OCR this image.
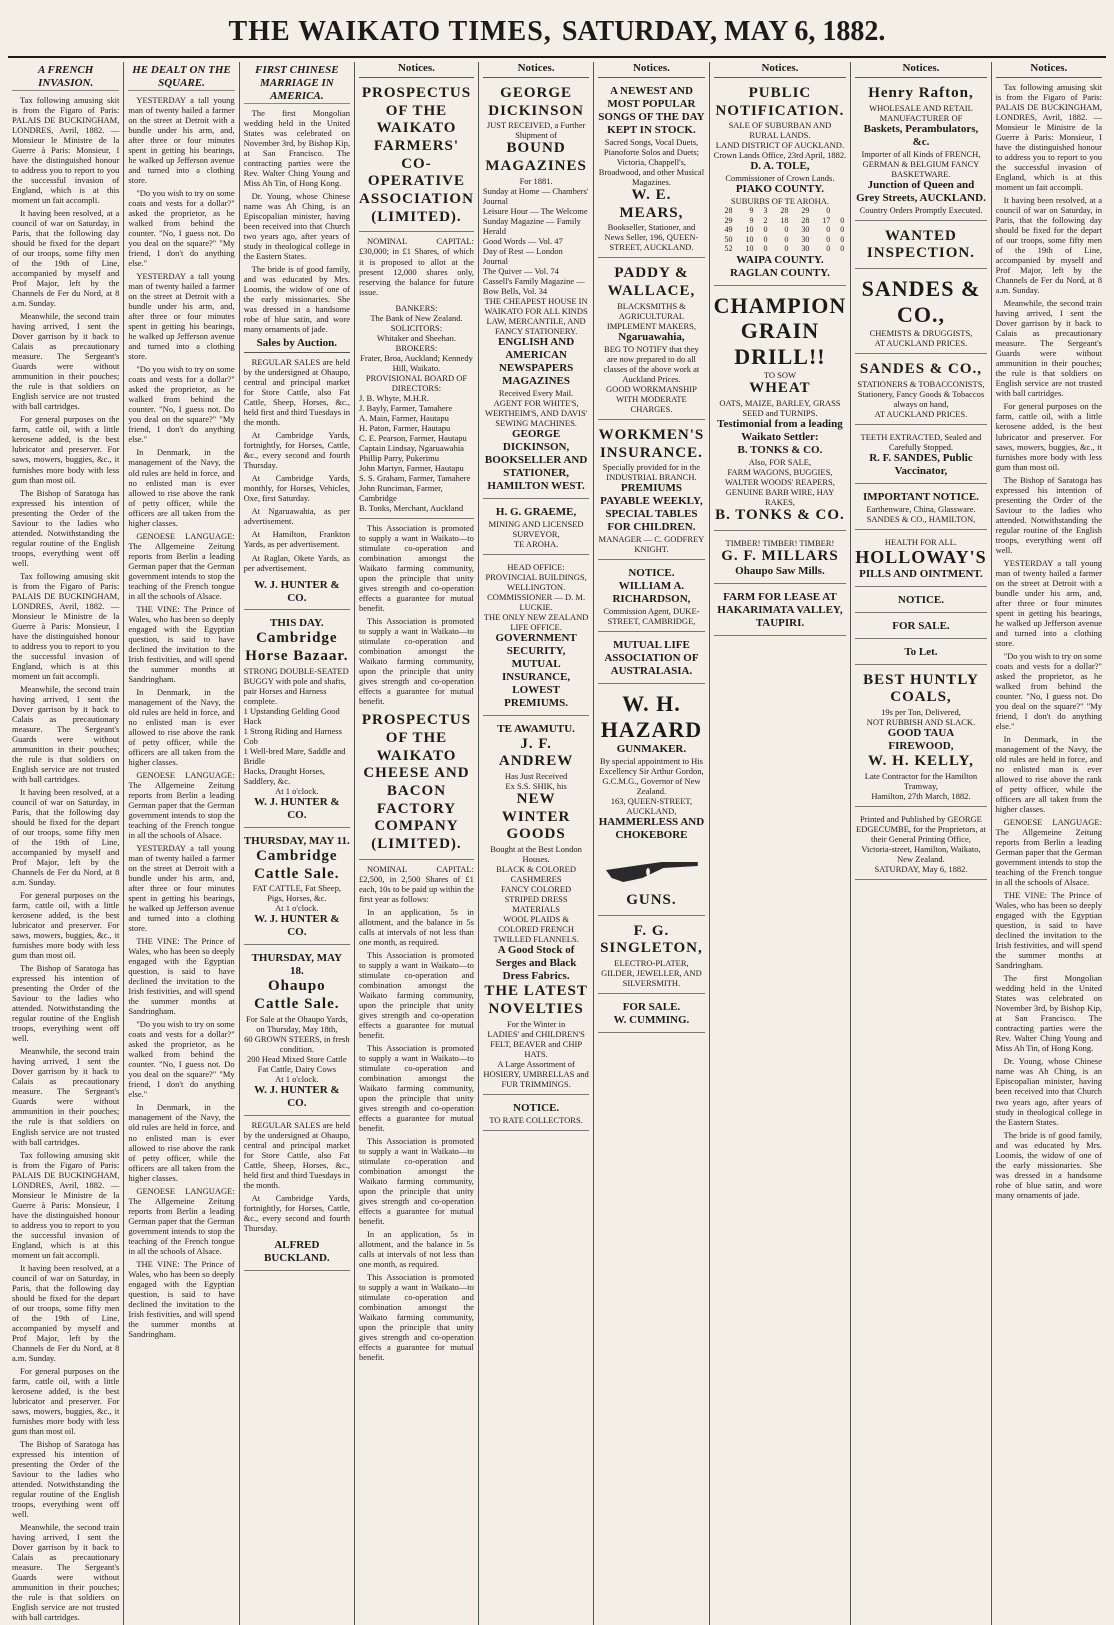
THE WAIKATO TIMES, SATURDAY, MAY 6, 1882.
A FRENCH INVASION.

Tax following amusing skit is from the Figaro of Paris: PALAIS DE BUCKINGHAM, LONDRES, Avril, 1882. —Monsieur le Ministre de la Guerre à Paris: Monsieur, I have the distinguished honour to address you to report to you the successful invasion of England, which is at this moment un fait accompli.

It having been resolved, at a council of war on Saturday, in Paris, that the following day should be fixed for the depart of our troops, some fifty men of the 19th of Line, accompanied by myself and Prof Major, left by the Channels de Fer du Nord, at 8 a.m. Sunday.

Meanwhile, the second train having arrived, I sent the Dover garrison by it back to Calais as precautionary measure. The Sergeant's Guards were without ammunition in their pouches; the rule is that soldiers on English service are not trusted with ball cartridges.

For general purposes on the farm, cattle oil, with a little kerosene added, is the best lubricator and preserver. For saws, mowers, buggies, &c., it furnishes more body with less gum than most oil.

The Bishop of Saratoga has expressed his intention of presenting the Order of the Saviour to the ladies who attended. Notwithstanding the regular routine of the English troops, everything went off well.

Tax following amusing skit is from the Figaro of Paris: PALAIS DE BUCKINGHAM, LONDRES, Avril, 1882. —Monsieur le Ministre de la Guerre à Paris: Monsieur, I have the distinguished honour to address you to report to you the successful invasion of England, which is at this moment un fait accompli.

Meanwhile, the second train having arrived, I sent the Dover garrison by it back to Calais as precautionary measure. The Sergeant's Guards were without ammunition in their pouches; the rule is that soldiers on English service are not trusted with ball cartridges.

It having been resolved, at a council of war on Saturday, in Paris, that the following day should be fixed for the depart of our troops, some fifty men of the 19th of Line, accompanied by myself and Prof Major, left by the Channels de Fer du Nord, at 8 a.m. Sunday.

For general purposes on the farm, cattle oil, with a little kerosene added, is the best lubricator and preserver. For saws, mowers, buggies, &c., it furnishes more body with less gum than most oil.

The Bishop of Saratoga has expressed his intention of presenting the Order of the Saviour to the ladies who attended. Notwithstanding the regular routine of the English troops, everything went off well.

Meanwhile, the second train having arrived, I sent the Dover garrison by it back to Calais as precautionary measure. The Sergeant's Guards were without ammunition in their pouches; the rule is that soldiers on English service are not trusted with ball cartridges.

Tax following amusing skit is from the Figaro of Paris: PALAIS DE BUCKINGHAM, LONDRES, Avril, 1882. —Monsieur le Ministre de la Guerre à Paris: Monsieur, I have the distinguished honour to address you to report to you the successful invasion of England, which is at this moment un fait accompli.

It having been resolved, at a council of war on Saturday, in Paris, that the following day should be fixed for the depart of our troops, some fifty men of the 19th of Line, accompanied by myself and Prof Major, left by the Channels de Fer du Nord, at 8 a.m. Sunday.

For general purposes on the farm, cattle oil, with a little kerosene added, is the best lubricator and preserver. For saws, mowers, buggies, &c., it furnishes more body with less gum than most oil.

The Bishop of Saratoga has expressed his intention of presenting the Order of the Saviour to the ladies who attended. Notwithstanding the regular routine of the English troops, everything went off well.

Meanwhile, the second train having arrived, I sent the Dover garrison by it back to Calais as precautionary measure. The Sergeant's Guards were without ammunition in their pouches; the rule is that soldiers on English service are not trusted with ball cartridges.

HE DEALT ON THE SQUARE.

YESTERDAY a tall young man of twenty hailed a farmer on the street at Detroit with a bundle under his arm, and, after three or four minutes spent in getting his bearings, he walked up Jefferson avenue and turned into a clothing store.

"Do you wish to try on some coats and vests for a dollar?" asked the proprietor, as he walked from behind the counter. "No, I guess not. Do you deal on the square?" "My friend, I don't do anything else."

YESTERDAY a tall young man of twenty hailed a farmer on the street at Detroit with a bundle under his arm, and, after three or four minutes spent in getting his bearings, he walked up Jefferson avenue and turned into a clothing store.

"Do you wish to try on some coats and vests for a dollar?" asked the proprietor, as he walked from behind the counter. "No, I guess not. Do you deal on the square?" "My friend, I don't do anything else."

In Denmark, in the management of the Navy, the old rules are held in force, and no enlisted man is ever allowed to rise above the rank of petty officer, while the officers are all taken from the higher classes.

GENOESE LANGUAGE: The Allgemeine Zeitung reports from Berlin a leading German paper that the German government intends to stop the teaching of the French tongue in all the schools of Alsace.

THE VINE: The Prince of Wales, who has been so deeply engaged with the Egyptian question, is said to have declined the invitation to the Irish festivities, and will spend the summer months at Sandringham.

In Denmark, in the management of the Navy, the old rules are held in force, and no enlisted man is ever allowed to rise above the rank of petty officer, while the officers are all taken from the higher classes.

GENOESE LANGUAGE: The Allgemeine Zeitung reports from Berlin a leading German paper that the German government intends to stop the teaching of the French tongue in all the schools of Alsace.

YESTERDAY a tall young man of twenty hailed a farmer on the street at Detroit with a bundle under his arm, and, after three or four minutes spent in getting his bearings, he walked up Jefferson avenue and turned into a clothing store.

THE VINE: The Prince of Wales, who has been so deeply engaged with the Egyptian question, is said to have declined the invitation to the Irish festivities, and will spend the summer months at Sandringham.

"Do you wish to try on some coats and vests for a dollar?" asked the proprietor, as he walked from behind the counter. "No, I guess not. Do you deal on the square?" "My friend, I don't do anything else."

In Denmark, in the management of the Navy, the old rules are held in force, and no enlisted man is ever allowed to rise above the rank of petty officer, while the officers are all taken from the higher classes.

GENOESE LANGUAGE: The Allgemeine Zeitung reports from Berlin a leading German paper that the German government intends to stop the teaching of the French tongue in all the schools of Alsace.

THE VINE: The Prince of Wales, who has been so deeply engaged with the Egyptian question, is said to have declined the invitation to the Irish festivities, and will spend the summer months at Sandringham.

FIRST CHINESE MARRIAGE IN AMERICA.

The first Mongolian wedding held in the United States was celebrated on November 3rd, by Bishop Kip, at San Francisco. The contracting parties were the Rev. Walter Ching Young and Miss Ah Tin, of Hong Kong.

Dr. Young, whose Chinese name was Ah Ching, is an Episcopalian minister, having been received into that Church two years ago, after years of study in theological college in the Eastern States.

The bride is of good family, and was educated by Mrs. Loomis, the widow of one of the early missionaries. She was dressed in a handsome robe of blue satin, and wore many ornaments of jade.

Sales by Auction.

REGULAR SALES are held by the undersigned at Ohaupo, central and principal market for Store Cattle, also Fat Cattle, Sheep, Horses, &c., held first and third Tuesdays in the month.

At Cambridge Yards, fortnightly, for Horses, Cattle, &c., every second and fourth Thursday.

At Cambridge Yards, monthly, for Horses, Vehicles, Oxe, first Saturday.

At Ngaruawahia, as per advertisement.

At Hamilton, Frankton Yards, as per advertisement.

At Raglan, Okete Yards, as per advertisement.

W. J. HUNTER & CO.
THIS DAY.
Cambridge Horse Bazaar.
STRONG DOUBLE-SEATED BUGGY with pole and shafts, pair Horses and Harness complete.
1 Upstanding Gelding Good Hack
1 Strong Riding and Harness Cob
1 Well-bred Mare, Saddle and Bridle
Hacks, Draught Horses, Saddlery, &c.
At 1 o'clock.
W. J. HUNTER & CO.
THURSDAY, MAY 11.
Cambridge Cattle Sale.
FAT CATTLE, Fat Sheep, Pigs, Horses, &c.
At 1 o'clock.
W. J. HUNTER & CO.
THURSDAY, MAY 18.
Ohaupo Cattle Sale.
For Sale at the Ohaupo Yards, on Thursday, May 18th,
60 GROWN STEERS, in fresh condition.
200 Head Mixed Store Cattle
Fat Cattle, Dairy Cows
At 1 o'clock.
W. J. HUNTER & CO.

REGULAR SALES are held by the undersigned at Ohaupo, central and principal market for Store Cattle, also Fat Cattle, Sheep, Horses, &c., held first and third Tuesdays in the month.

At Cambridge Yards, fortnightly, for Horses, Cattle, &c., every second and fourth Thursday.

ALFRED BUCKLAND.
Notices.
PROSPECTUS OF THE WAIKATO FARMERS' CO-OPERATIVE ASSOCIATION (LIMITED).

NOMINAL CAPITAL: £30,000; in £1 Shares, of which it is proposed to allot at the present 12,000 shares only, reserving the balance for future issue.

BANKERS:
The Bank of New Zealand.
SOLICITORS:
Whitaker and Sheehan.
BROKERS:
Frater, Broa, Auckland; Kennedy Hill, Waikato.
PROVISIONAL BOARD OF DIRECTORS:
J. B. Whyte, M.H.R.
J. Bayly, Farmer, Tamahere
A. Main, Farmer, Hautapu
H. Paton, Farmer, Hautapu
C. E. Pearson, Farmer, Hautapu
Captain Lindsay, Ngaruawahia
Phillip Parry, Pukerimu
John Martyn, Farmer, Hautapu
S. S. Graham, Farmer, Tamahere
John Runciman, Farmer, Cambridge
B. Tonks, Merchant, Auckland

This Association is promoted to supply a want in Waikato—to stimulate co-operation and combination amongst the Waikato farming community, upon the principle that unity gives strength and co-operation effects a guarantee for mutual benefit.

This Association is promoted to supply a want in Waikato—to stimulate co-operation and combination amongst the Waikato farming community, upon the principle that unity gives strength and co-operation effects a guarantee for mutual benefit.

PROSPECTUS OF THE WAIKATO CHEESE AND BACON FACTORY COMPANY (LIMITED).

NOMINAL CAPITAL: £2,500, in 2,500 Shares of £1 each, 10s to be paid up within the first year as follows:

In an application, 5s in allotment, and the balance in 5s calls at intervals of not less than one month, as required.

This Association is promoted to supply a want in Waikato—to stimulate co-operation and combination amongst the Waikato farming community, upon the principle that unity gives strength and co-operation effects a guarantee for mutual benefit.

This Association is promoted to supply a want in Waikato—to stimulate co-operation and combination amongst the Waikato farming community, upon the principle that unity gives strength and co-operation effects a guarantee for mutual benefit.

This Association is promoted to supply a want in Waikato—to stimulate co-operation and combination amongst the Waikato farming community, upon the principle that unity gives strength and co-operation effects a guarantee for mutual benefit.

In an application, 5s in allotment, and the balance in 5s calls at intervals of not less than one month, as required.

This Association is promoted to supply a want in Waikato—to stimulate co-operation and combination amongst the Waikato farming community, upon the principle that unity gives strength and co-operation effects a guarantee for mutual benefit.

Notices.
GEORGE DICKINSON
JUST RECEIVED, a Further Shipment of
BOUND MAGAZINES
For 1881.
Sunday at Home — Chambers' Journal
Leisure Hour — The Welcome
Sunday Magazine — Family Herald
Good Words — Vol. 47
Day of Rest — London Journal
The Quiver — Vol. 74
Cassell's Family Magazine — Bow Bells, Vol. 34
THE CHEAPEST HOUSE IN WAIKATO FOR ALL KINDS LAW, MERCANTILE, AND FANCY STATIONERY.
ENGLISH AND AMERICAN NEWSPAPERS MAGAZINES
Received Every Mail.
AGENT FOR WHITE'S, WERTHEIM'S, AND DAVIS' SEWING MACHINES.
GEORGE DICKINSON, BOOKSELLER AND STATIONER, HAMILTON WEST.
H. G. GRAEME,
MINING AND LICENSED SURVEYOR,
TE AROHA.
HEAD OFFICE: PROVINCIAL BUILDINGS, WELLINGTON.
COMMISSIONER — D. M. LUCKIE.
THE ONLY NEW ZEALAND LIFE OFFICE.
GOVERNMENT SECURITY, MUTUAL INSURANCE, LOWEST PREMIUMS.
TE AWAMUTU.
J. F. ANDREW
Has Just Received
Ex S.S. SHIK, his
NEW WINTER GOODS
Bought at the Best London Houses.
BLACK & COLORED CASHMERES
FANCY COLORED STRIPED DRESS MATERIALS
WOOL PLAIDS & COLORED FRENCH TWILLED FLANNELS.
A Good Stock of Serges and Black Dress Fabrics.
THE LATEST NOVELTIES
For the Winter in
LADIES' and CHILDREN'S FELT, BEAVER and CHIP HATS.
A Large Assortment of HOSIERY, UMBRELLAS and FUR TRIMMINGS.
NOTICE.
TO RATE COLLECTORS.
Notices.
A NEWEST AND MOST POPULAR SONGS OF THE DAY KEPT IN STOCK.
Sacred Songs, Vocal Duets, Pianoforte Solos and Duets; Victoria, Chappell's, Broadwood, and other Musical Magazines.
W. E. MEARS,
Bookseller, Stationer, and News Seller, 196, QUEEN-STREET, AUCKLAND.
PADDY & WALLACE,
BLACKSMITHS & AGRICULTURAL IMPLEMENT MAKERS,
Ngaruawahia,
BEG TO NOTIFY that they are now prepared to do all classes of the above work at Auckland Prices.
GOOD WORKMANSHIP WITH MODERATE CHARGES.
WORKMEN'S INSURANCE.
Specially provided for in the INDUSTRIAL BRANCH.
PREMIUMS PAYABLE WEEKLY,
SPECIAL TABLES FOR CHILDREN.
MANAGER — C. GODFREY KNIGHT.
NOTICE.
WILLIAM A. RICHARDSON,
Commission Agent, DUKE-STREET, CAMBRIDGE,
MUTUAL LIFE ASSOCIATION OF AUSTRALASIA.
W. H. HAZARD
GUNMAKER.
By special appointment to His Excellency Sir Arthur Gordon, G.C.M.G., Governor of New Zealand.
163, QUEEN-STREET, AUCKLAND,
HAMMERLESS AND CHOKEBORE
GUNS.
F. G. SINGLETON,
ELECTRO-PLATER, GILDER, JEWELLER, AND SILVERSMITH.
FOR SALE.
W. CUMMING.
Notices.
PUBLIC NOTIFICATION.
SALE OF SUBURBAN AND RURAL LANDS.
LAND DISTRICT OF AUCKLAND.
Crown Lands Office, 23rd April, 1882.
D. A. TOLE,
Commissioner of Crown Lands.
PIAKO COUNTY.
SUBURBS OF TE AROHA.
28	9	3	28	29	0	
29	9	2	18	28	17	0
49	10	0	0	30	0	0
50	10	0	0	30	0	0
52	10	0	0	30	0	0
WAIPA COUNTY.
RAGLAN COUNTY.
CHAMPION
GRAIN
DRILL!!
TO SOW
WHEAT
OATS, MAIZE, BARLEY, GRASS SEED and TURNIPS.
Testimonial from a leading Waikato Settler:
B. TONKS & CO.
Also, FOR SALE,
FARM WAGONS, BUGGIES, WALTER WOODS' REAPERS,
GENUINE BARB WIRE, HAY RAKES,
B. TONKS & CO.
TIMBER! TIMBER! TIMBER!
G. F. MILLARS
Ohaupo Saw Mills.
FARM FOR LEASE AT HAKARIMATA VALLEY, TAUPIRI.
Notices.
Henry Rafton,
WHOLESALE AND RETAIL MANUFACTURER OF
Baskets, Perambulators, &c.
Importer of all Kinds of FRENCH, GERMAN & BELGIUM FANCY BASKETWARE.
Junction of Queen and Grey Streets, AUCKLAND.
Country Orders Promptly Executed.
WANTED INSPECTION.
SANDES & CO.,
CHEMISTS & DRUGGISTS,
AT AUCKLAND PRICES.
SANDES & CO.,
STATIONERS & TOBACCONISTS,
Stationery, Fancy Goods & Tobaccos always on hand,
AT AUCKLAND PRICES.
TEETH EXTRACTED, Sealed and Carefully Stopped.
R. F. SANDES, Public Vaccinator,
IMPORTANT NOTICE.
Earthenware, China, Glassware.
SANDES & CO., HAMILTON,
HEALTH FOR ALL.
HOLLOWAY'S
PILLS AND OINTMENT.
NOTICE.
FOR SALE.
To Let.
BEST HUNTLY COALS,
19s per Ton, Delivered,
NOT RUBBISH AND SLACK.
GOOD TAUA FIREWOOD,
W. H. KELLY,
Late Contractor for the Hamilton Tramway,
Hamilton, 27th March, 1882.
Printed and Published by GEORGE EDGECUMBE, for the Proprietors, at their General Printing Office, Victoria-street, Hamilton, Waikato, New Zealand.
SATURDAY, May 6, 1882.
Notices.

Tax following amusing skit is from the Figaro of Paris: PALAIS DE BUCKINGHAM, LONDRES, Avril, 1882. —Monsieur le Ministre de la Guerre à Paris: Monsieur, I have the distinguished honour to address you to report to you the successful invasion of England, which is at this moment un fait accompli.

It having been resolved, at a council of war on Saturday, in Paris, that the following day should be fixed for the depart of our troops, some fifty men of the 19th of Line, accompanied by myself and Prof Major, left by the Channels de Fer du Nord, at 8 a.m. Sunday.

Meanwhile, the second train having arrived, I sent the Dover garrison by it back to Calais as precautionary measure. The Sergeant's Guards were without ammunition in their pouches; the rule is that soldiers on English service are not trusted with ball cartridges.

For general purposes on the farm, cattle oil, with a little kerosene added, is the best lubricator and preserver. For saws, mowers, buggies, &c., it furnishes more body with less gum than most oil.

The Bishop of Saratoga has expressed his intention of presenting the Order of the Saviour to the ladies who attended. Notwithstanding the regular routine of the English troops, everything went off well.

YESTERDAY a tall young man of twenty hailed a farmer on the street at Detroit with a bundle under his arm, and, after three or four minutes spent in getting his bearings, he walked up Jefferson avenue and turned into a clothing store.

"Do you wish to try on some coats and vests for a dollar?" asked the proprietor, as he walked from behind the counter. "No, I guess not. Do you deal on the square?" "My friend, I don't do anything else."

In Denmark, in the management of the Navy, the old rules are held in force, and no enlisted man is ever allowed to rise above the rank of petty officer, while the officers are all taken from the higher classes.

GENOESE LANGUAGE: The Allgemeine Zeitung reports from Berlin a leading German paper that the German government intends to stop the teaching of the French tongue in all the schools of Alsace.

THE VINE: The Prince of Wales, who has been so deeply engaged with the Egyptian question, is said to have declined the invitation to the Irish festivities, and will spend the summer months at Sandringham.

The first Mongolian wedding held in the United States was celebrated on November 3rd, by Bishop Kip, at San Francisco. The contracting parties were the Rev. Walter Ching Young and Miss Ah Tin, of Hong Kong.

Dr. Young, whose Chinese name was Ah Ching, is an Episcopalian minister, having been received into that Church two years ago, after years of study in theological college in the Eastern States.

The bride is of good family, and was educated by Mrs. Loomis, the widow of one of the early missionaries. She was dressed in a handsome robe of blue satin, and wore many ornaments of jade.
